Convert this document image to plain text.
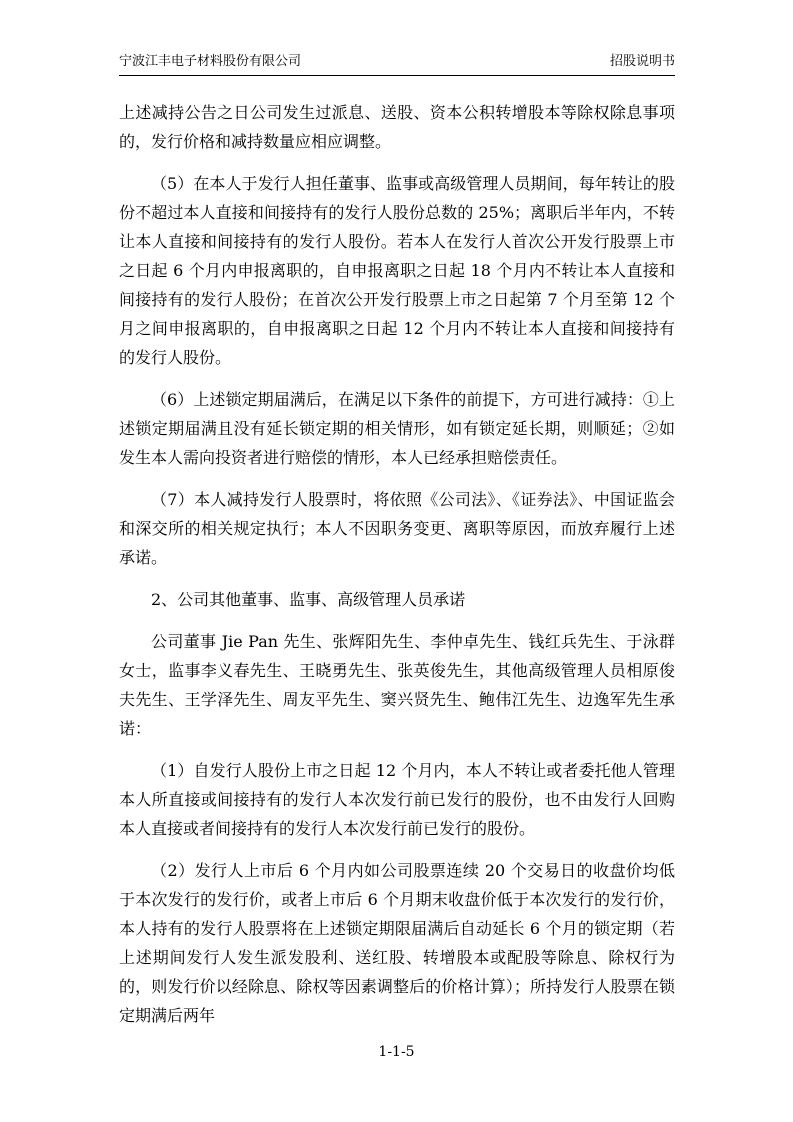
宁波江丰电子材料股份有限公司	招股说明书

上述减持公告之日公司发生过派息、送股、资本公积转增股本等除权除息事项的，发行价格和减持数量应相应调整。

（5）在本人于发行人担任董事、监事或高级管理人员期间，每年转让的股份不超过本人直接和间接持有的发行人股份总数的 25%；离职后半年内，不转让本人直接和间接持有的发行人股份。若本人在发行人首次公开发行股票上市之日起 6 个月内申报离职的，自申报离职之日起 18 个月内不转让本人直接和间接持有的发行人股份；在首次公开发行股票上市之日起第 7 个月至第 12 个月之间申报离职的，自申报离职之日起 12 个月内不转让本人直接和间接持有的发行人股份。

（6）上述锁定期届满后，在满足以下条件的前提下，方可进行减持：①上述锁定期届满且没有延长锁定期的相关情形，如有锁定延长期，则顺延；②如发生本人需向投资者进行赔偿的情形，本人已经承担赔偿责任。

（7）本人减持发行人股票时，将依照《公司法》、《证券法》、中国证监会和深交所的相关规定执行；本人不因职务变更、离职等原因，而放弃履行上述承诺。

2、公司其他董事、监事、高级管理人员承诺

公司董事 Jie Pan 先生、张辉阳先生、李仲卓先生、钱红兵先生、于泳群女士，监事李义春先生、王晓勇先生、张英俊先生，其他高级管理人员相原俊夫先生、王学泽先生、周友平先生、窦兴贤先生、鲍伟江先生、边逸军先生承诺：

（1）自发行人股份上市之日起 12 个月内，本人不转让或者委托他人管理本人所直接或间接持有的发行人本次发行前已发行的股份，也不由发行人回购本人直接或者间接持有的发行人本次发行前已发行的股份。

（2）发行人上市后 6 个月内如公司股票连续 20 个交易日的收盘价均低于本次发行的发行价，或者上市后 6 个月期末收盘价低于本次发行的发行价，本人持有的发行人股票将在上述锁定期限届满后自动延长 6 个月的锁定期（若上述期间发行人发生派发股利、送红股、转增股本或配股等除息、除权行为的，则发行价以经除息、除权等因素调整后的价格计算）；所持发行人股票在锁定期满后两年

1-1-5
